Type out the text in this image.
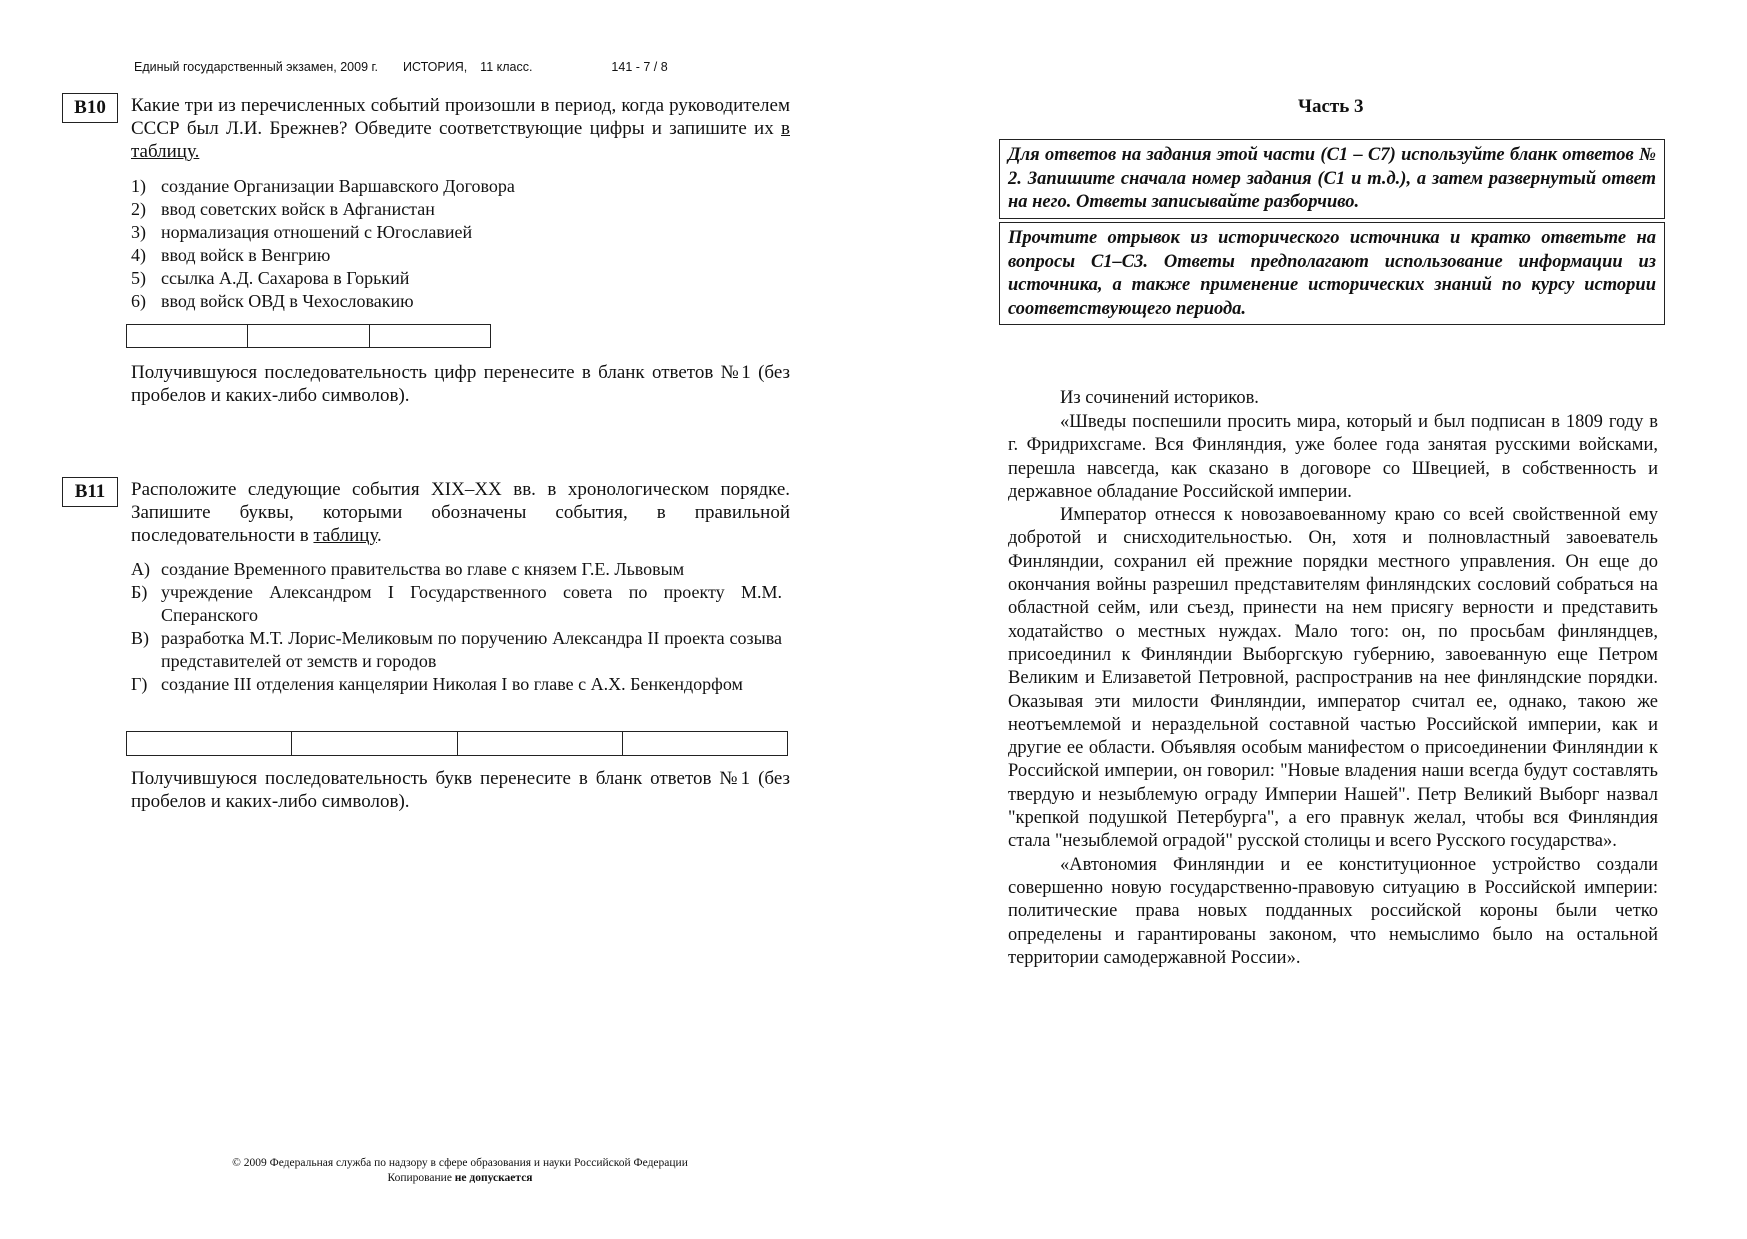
Единый государственный экзамен, 2009 г. ИСТОРИЯ, 11 класс.	141 - 7 / 8
B10	Какие три из перечисленных событий произошли в период, когда руководителем СССР был Л.И. Брежнев? Обведите соответствующие цифры и запишите их в таблицу.
1) создание Организации Варшавского Договора
2) ввод советских войск в Афганистан
3) нормализация отношений с Югославией
4) ввод войск в Венгрию
5) ссылка А.Д. Сахарова в Горький
6) ввод войск ОВД в Чехословакию
Получившуюся последовательность цифр перенесите в бланк ответов №1 (без пробелов и каких-либо символов).
B11	Расположите следующие события XIX–XX вв. в хронологическом порядке. Запишите буквы, которыми обозначены события, в правильной последовательности в таблицу.
А) создание Временного правительства во главе с князем Г.Е. Львовым
Б) учреждение Александром I Государственного совета по проекту М.М. Сперанского
В) разработка М.Т. Лорис-Меликовым по поручению Александра II проекта созыва представителей от земств и городов
Г) создание III отделения канцелярии Николая I во главе с А.Х. Бенкендорфом
Получившуюся последовательность букв перенесите в бланк ответов №1 (без пробелов и каких-либо символов).
© 2009 Федеральная служба по надзору в сфере образования и науки Российской Федерации
Копирование не допускается
Часть 3
Для ответов на задания этой части (С1 – С7) используйте бланк ответов № 2. Запишите сначала номер задания (С1 и т.д.), а затем развернутый ответ на него. Ответы записывайте разборчиво.
Прочтите отрывок из исторического источника и кратко ответьте на вопросы С1–С3. Ответы предполагают использование информации из источника, а также применение исторических знаний по курсу истории соответствующего периода.
Из сочинений историков.

«Шведы поспешили просить мира, который и был подписан в 1809 году в г. Фридрихсгаме. Вся Финляндия, уже более года занятая русскими войсками, перешла навсегда, как сказано в договоре со Швецией, в собственность и державное обладание Российской империи.

Император отнесся к новозавоеванному краю со всей свойственной ему добротой и снисходительностью. Он, хотя и полновластный завоеватель Финляндии, сохранил ей прежние порядки местного управления. Он еще до окончания войны разрешил представителям финляндских сословий собраться на областной сейм, или съезд, принести на нем присягу верности и представить ходатайство о местных нуждах. Мало того: он, по просьбам финляндцев, присоединил к Финляндии Выборгскую губернию, завоеванную еще Петром Великим и Елизаветой Петровной, распространив на нее финляндские порядки. Оказывая эти милости Финляндии, император считал ее, однако, такою же неотъемлемой и нераздельной составной частью Российской империи, как и другие ее области. Объявляя особым манифестом о присоединении Финляндии к Российской империи, он говорил: "Новые владения наши всегда будут составлять твердую и незыблемую ограду Империи Нашей". Петр Великий Выборг назвал "крепкой подушкой Петербурга", а его правнук желал, чтобы вся Финляндия стала "незыблемой оградой" русской столицы и всего Русского государства».

«Автономия Финляндии и ее конституционное устройство создали совершенно новую государственно-правовую ситуацию в Российской империи: политические права новых подданных российской короны были четко определены и гарантированы законом, что немыслимо было на остальной территории самодержавной России».
